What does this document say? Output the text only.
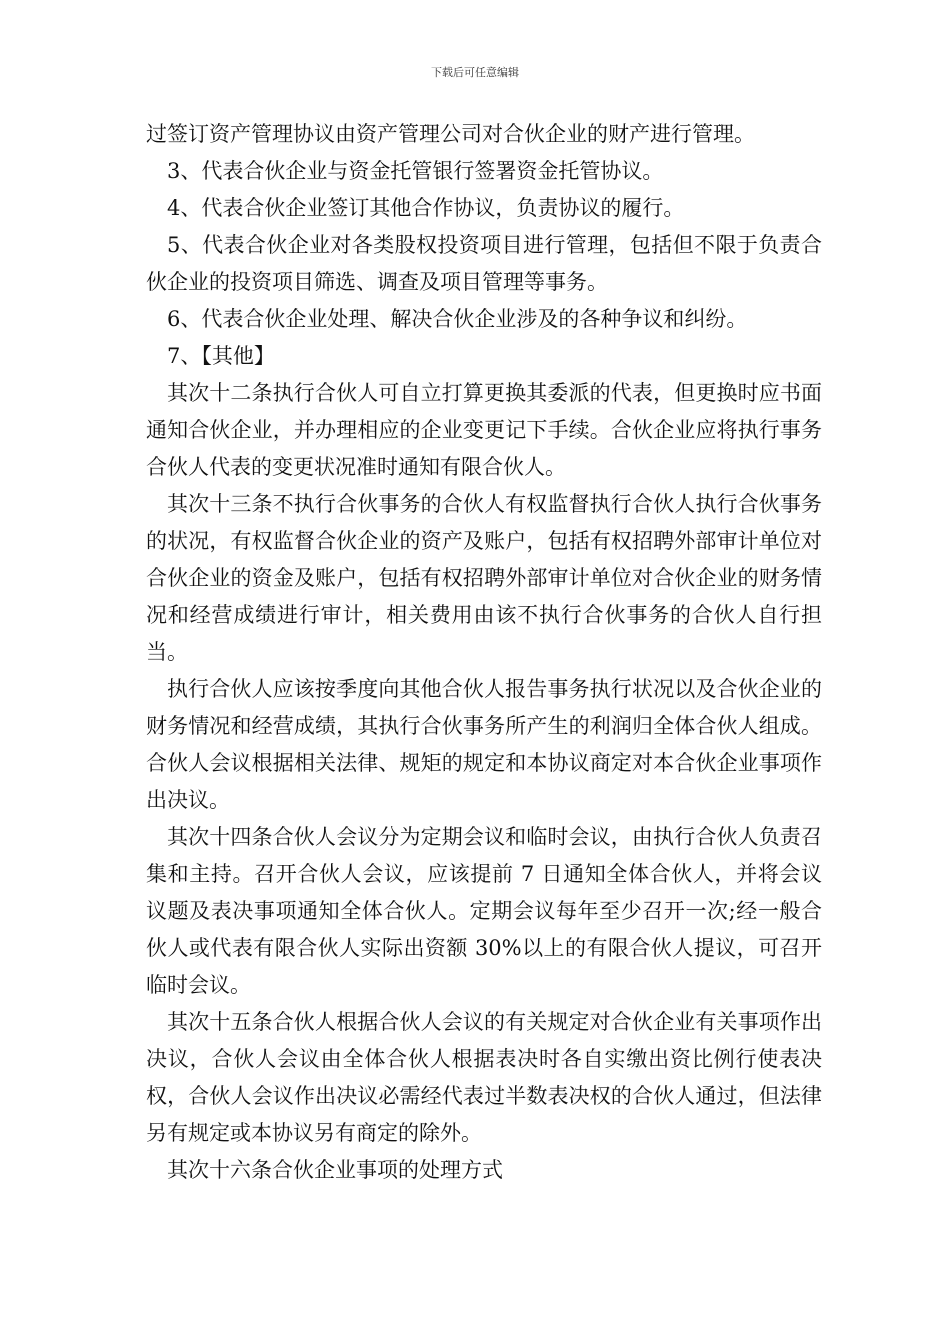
下载后可任意编辑

过签订资产管理协议由资产管理公司对合伙企业的财产进行管理。

3、代表合伙企业与资金托管银行签署资金托管协议。

4、代表合伙企业签订其他合作协议，负责协议的履行。

5、代表合伙企业对各类股权投资项目进行管理，包括但不限于负责合伙企业的投资项目筛选、调查及项目管理等事务。

6、代表合伙企业处理、解决合伙企业涉及的各种争议和纠纷。

7、【其他】

其次十二条执行合伙人可自立打算更换其委派的代表，但更换时应书面通知合伙企业，并办理相应的企业变更记下手续。合伙企业应将执行事务合伙人代表的变更状况准时通知有限合伙人。

其次十三条不执行合伙事务的合伙人有权监督执行合伙人执行合伙事务的状况，有权监督合伙企业的资产及账户，包括有权招聘外部审计单位对合伙企业的资金及账户，包括有权招聘外部审计单位对合伙企业的财务情况和经营成绩进行审计，相关费用由该不执行合伙事务的合伙人自行担当。

执行合伙人应该按季度向其他合伙人报告事务执行状况以及合伙企业的财务情况和经营成绩，其执行合伙事务所产生的利润归全体合伙人组成。合伙人会议根据相关法律、规矩的规定和本协议商定对本合伙企业事项作出决议。

其次十四条合伙人会议分为定期会议和临时会议，由执行合伙人负责召集和主持。召开合伙人会议，应该提前 7 日通知全体合伙人，并将会议议题及表决事项通知全体合伙人。定期会议每年至少召开一次;经一般合伙人或代表有限合伙人实际出资额 30%以上的有限合伙人提议，可召开临时会议。

其次十五条合伙人根据合伙人会议的有关规定对合伙企业有关事项作出决议，合伙人会议由全体合伙人根据表决时各自实缴出资比例行使表决权，合伙人会议作出决议必需经代表过半数表决权的合伙人通过，但法律另有规定或本协议另有商定的除外。

其次十六条合伙企业事项的处理方式
